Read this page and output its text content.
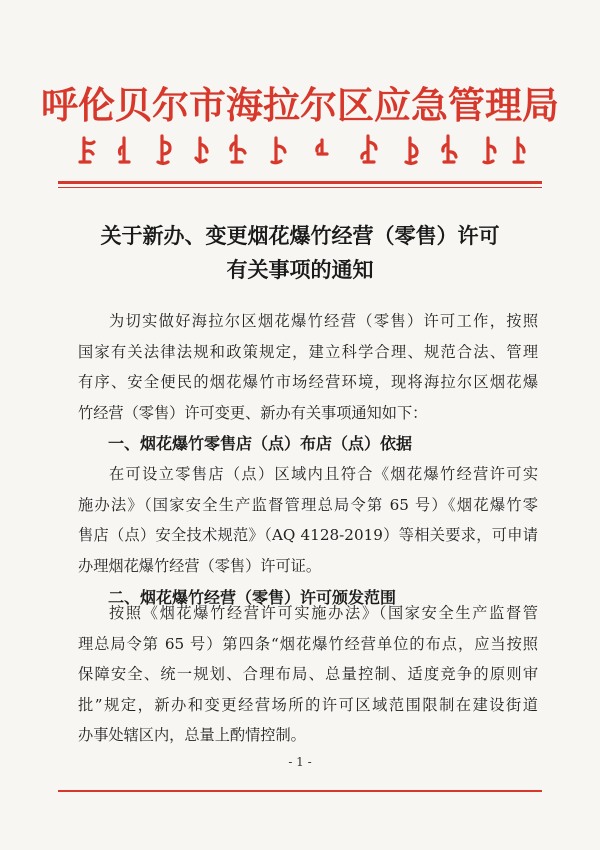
呼伦贝尔市海拉尔区应急管理局
关于新办、变更烟花爆竹经营（零售）许可
有关事项的通知
为切实做好海拉尔区烟花爆竹经营（零售）许可工作，按照
国家有关法律法规和政策规定，建立科学合理、规范合法、管理
有序、安全便民的烟花爆竹市场经营环境，现将海拉尔区烟花爆
竹经营（零售）许可变更、新办有关事项通知如下：
一、烟花爆竹零售店（点）布店（点）依据
在可设立零售店（点）区域内且符合《烟花爆竹经营许可实
施办法》（国家安全生产监督管理总局令第 65 号）《烟花爆竹零
售店（点）安全技术规范》（AQ 4128-2019）等相关要求，可申请
办理烟花爆竹经营（零售）许可证。
二、烟花爆竹经营（零售）许可颁发范围
按照《烟花爆竹经营许可实施办法》（国家安全生产监督管
理总局令第 65 号）第四条“烟花爆竹经营单位的布点，应当按照
保障安全、统一规划、合理布局、总量控制、适度竞争的原则审
批”规定，新办和变更经营场所的许可区域范围限制在建设街道
办事处辖区内，总量上酌情控制。
- 1 -
